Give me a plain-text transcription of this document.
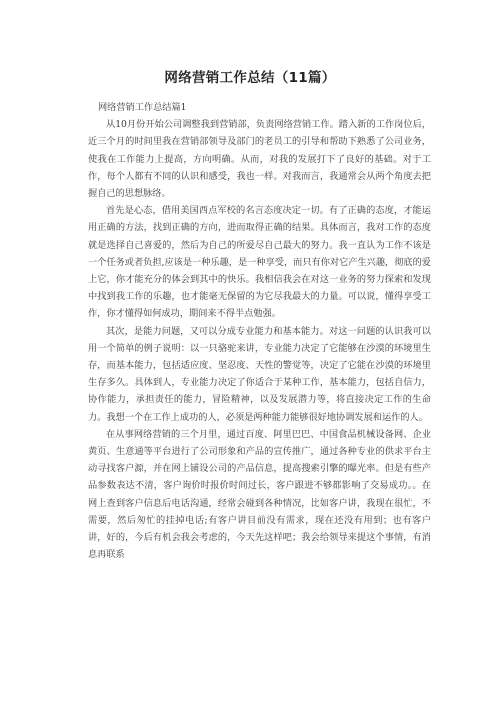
网络营销工作总结（11篇）

网络营销工作总结篇1

从10月份开始公司调整我到营销部，负责网络营销工作。踏入新的工作岗位后，近三个月的时间里我在营销部领导及部门的老员工的引导和帮助下熟悉了公司业务，使我在工作能力上提高，方向明确。从而，对我的发展打下了良好的基础。对于工作，每个人都有不同的认识和感受，我也一样。对我而言，我通常会从两个角度去把握自己的思想脉络。

首先是心态，借用美国西点军校的名言态度决定一切。有了正确的态度，才能运用正确的方法，找到正确的方向，进而取得正确的结果。具体而言，我对工作的态度就是选择自己喜爱的，然后为自己的所爱尽自己最大的努力。我一直认为工作不该是一个任务或者负担,应该是一种乐趣，是一种享受，而只有你对它产生兴趣，彻底的爱上它，你才能充分的体会到其中的快乐。我相信我会在对这一业务的努力探索和发现中找到我工作的乐趣，也才能毫无保留的为它尽我最大的力量。可以说，懂得享受工作，你才懂得如何成功，期间来不得半点勉强。

其次，是能力问题，又可以分成专业能力和基本能力。对这一问题的认识我可以用一个简单的例子说明：以一只骆驼来讲，专业能力决定了它能够在沙漠的环境里生存，而基本能力，包括适应度、坚忍度、天性的警觉等，决定了它能在沙漠的环境里生存多久。具体到人，专业能力决定了你适合于某种工作，基本能力，包括自信力，协作能力，承担责任的能力，冒险精神，以及发展潜力等，将直接决定工作的生命力。我想一个在工作上成功的人，必须是两种能力能够很好地协调发展和运作的人。

在从事网络营销的三个月里，通过百度、阿里巴巴、中国食品机械设备网、企业黄页、生意通等平台进行了公司形象和产品的宣传推广，通过各种专业的供求平台主动寻找客户源，并在网上铺设公司的产品信息，提高搜索引擎的曝光率。但是有些产品参数表达不清，客户询价时报价时间过长，客户跟进不够都影响了交易成功。。在网上查到客户信息后电话沟通，经常会碰到各种情况，比如客户讲，我现在很忙，不需要，然后匆忙的挂掉电话;有客户讲目前没有需求，现在还没有用到；也有客户讲，好的，今后有机会我会考虑的，今天先这样吧；我会给领导来提这个事情，有消息再联系
